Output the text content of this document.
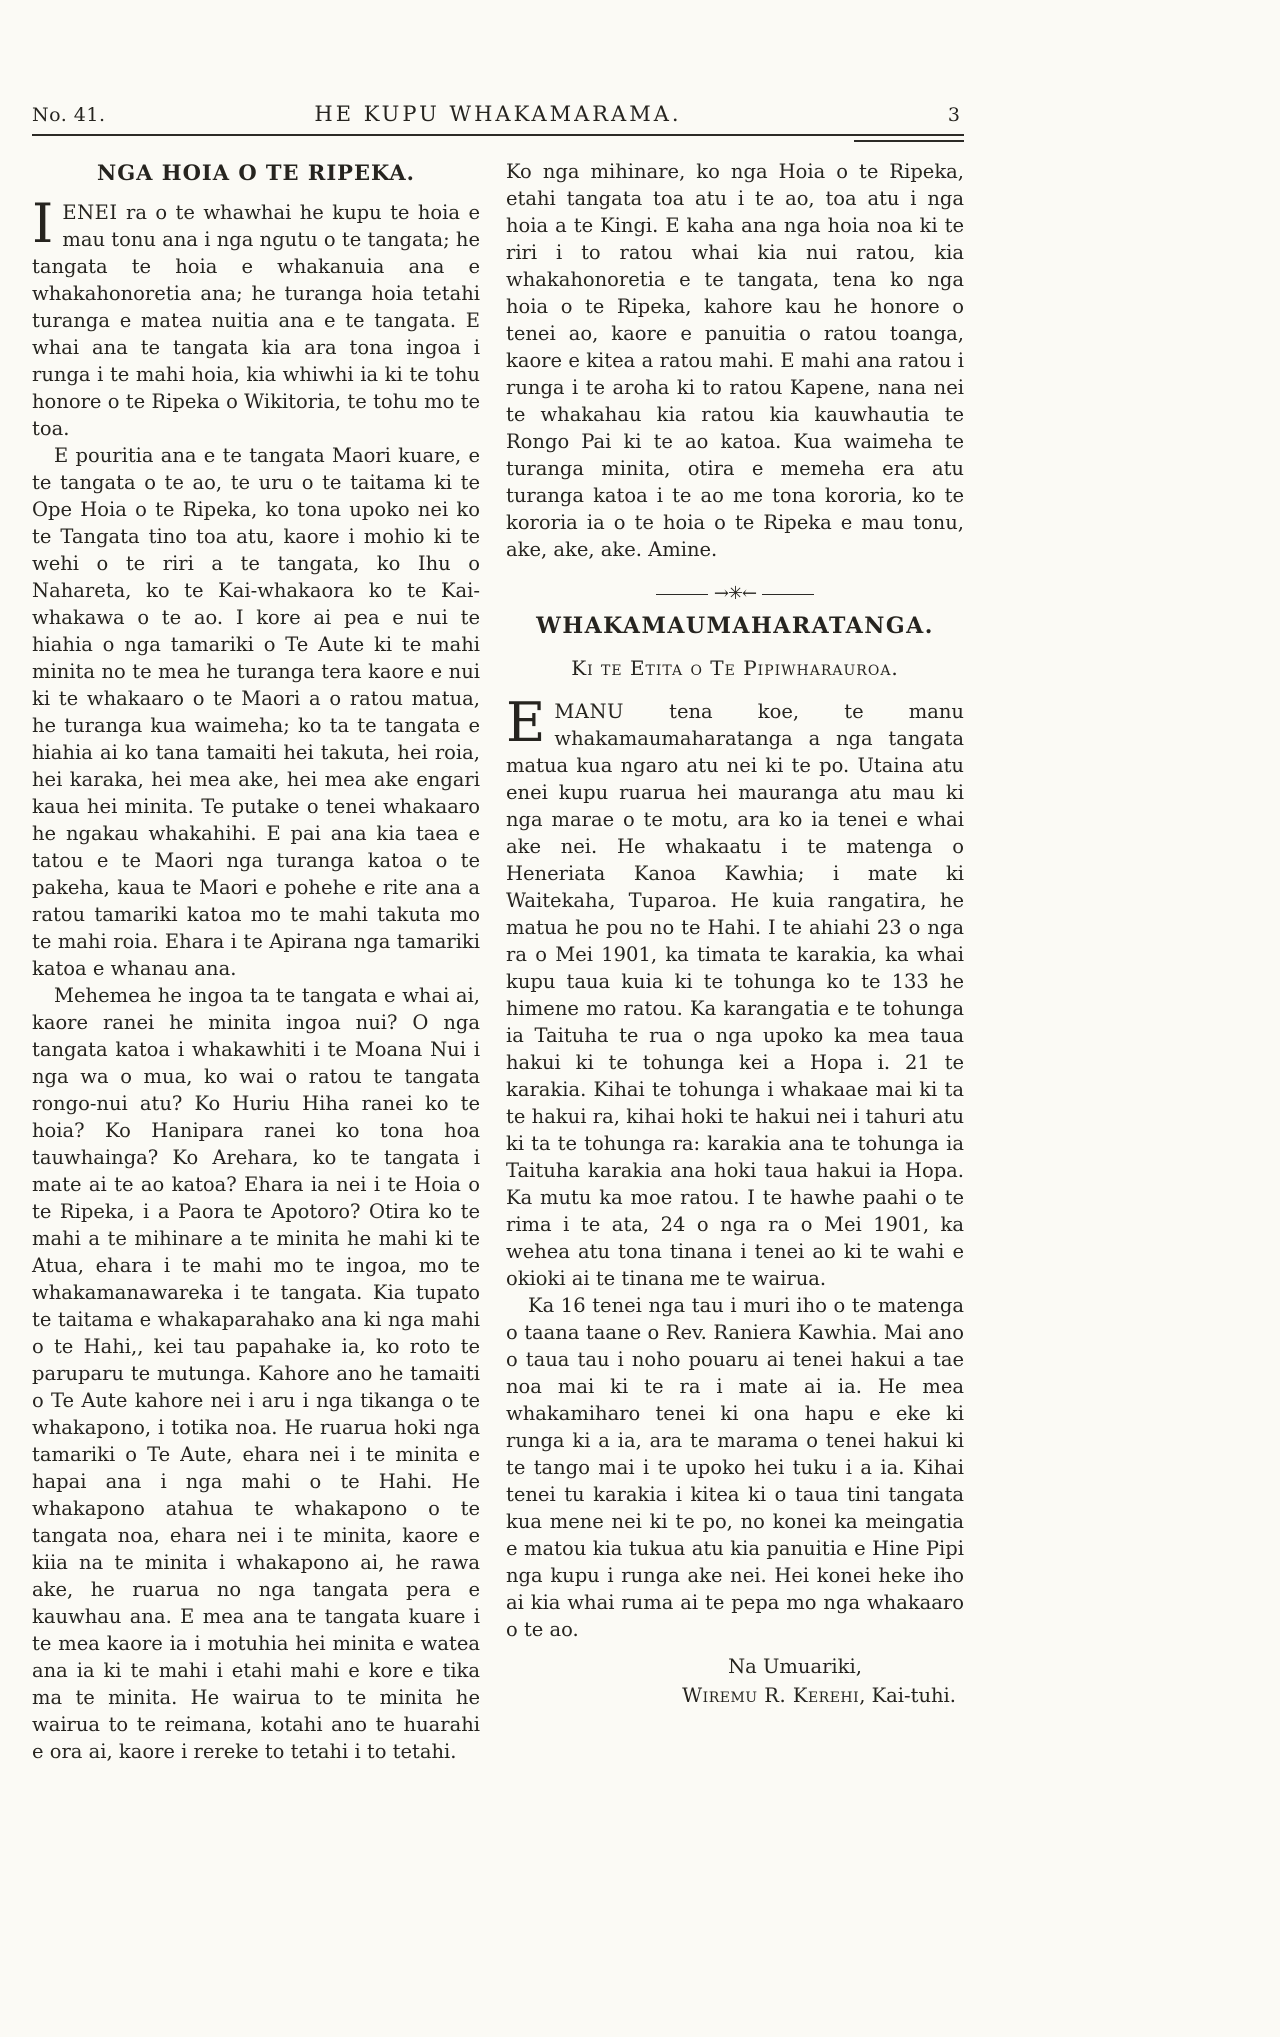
No. 41.	HE KUPU WHAKAMARAMA.	3
NGA HOIA O TE RIPEKA.

IENEI ra o te whawhai he kupu te hoia e mau tonu ana i nga ngutu o te tangata; he tangata te hoia e whakanuia ana e whakahonoretia ana; he turanga hoia tetahi turanga e matea nuitia ana e te tangata. E whai ana te tangata kia ara tona ingoa i runga i te mahi hoia, kia whiwhi ia ki te tohu honore o te Ripeka o Wikitoria, te tohu mo te toa.

E pouritia ana e te tangata Maori kuare, e te tangata o te ao, te uru o te taitama ki te Ope Hoia o te Ripeka, ko tona upoko nei ko te Tangata tino toa atu, kaore i mohio ki te wehi o te riri a te tangata, ko Ihu o Nahareta, ko te Kai-whakaora ko te Kai-whakawa o te ao. I kore ai pea e nui te hiahia o nga tamariki o Te Aute ki te mahi minita no te mea he turanga tera kaore e nui ki te whakaaro o te Maori a o ratou matua, he turanga kua waimeha; ko ta te tangata e hiahia ai ko tana tamaiti hei takuta, hei roia, hei karaka, hei mea ake, hei mea ake engari kaua hei minita. Te putake o tenei whakaaro he ngakau whakahihi. E pai ana kia taea e tatou e te Maori nga turanga katoa o te pakeha, kaua te Maori e pohehe e rite ana a ratou tamariki katoa mo te mahi takuta mo te mahi roia. Ehara i te Apirana nga tamariki katoa e whanau ana.

Mehemea he ingoa ta te tangata e whai ai, kaore ranei he minita ingoa nui? O nga tangata katoa i whakawhiti i te Moana Nui i nga wa o mua, ko wai o ratou te tangata rongo-nui atu? Ko Huriu Hiha ranei ko te hoia? Ko Hanipara ranei ko tona hoa tauwhainga? Ko Arehara, ko te tangata i mate ai te ao katoa? Ehara ia nei i te Hoia o te Ripeka, i a Paora te Apotoro? Otira ko te mahi a te mihinare a te minita he mahi ki te Atua, ehara i te mahi mo te ingoa, mo te whakamanawareka i te tangata. Kia tupato te taitama e whakaparahako ana ki nga mahi o te Hahi,, kei tau papahake ia, ko roto te paruparu te mutunga. Kahore ano he tamaiti o Te Aute kahore nei i aru i nga tikanga o te whakapono, i totika noa. He ruarua hoki nga tamariki o Te Aute, ehara nei i te minita e hapai ana i nga mahi o te Hahi. He whakapono atahua te whakapono o te tangata noa, ehara nei i te minita, kaore e kiia na te minita i whakapono ai, he rawa ake, he ruarua no nga tangata pera e kauwhau ana. E mea ana te tangata kuare i te mea kaore ia i motuhia hei minita e watea ana ia ki te mahi i etahi mahi e kore e tika ma te minita. He wairua to te minita he wairua to te reimana, kotahi ano te huarahi e ora ai, kaore i rereke to tetahi i to tetahi.

Ko nga mihinare, ko nga Hoia o te Ripeka, etahi tangata toa atu i te ao, toa atu i nga hoia a te Kingi. E kaha ana nga hoia noa ki te riri i to ratou whai kia nui ratou, kia whakahonoretia e te tangata, tena ko nga hoia o te Ripeka, kahore kau he honore o tenei ao, kaore e panuitia o ratou toanga, kaore e kitea a ratou mahi. E mahi ana ratou i runga i te aroha ki to ratou Kapene, nana nei te whakahau kia ratou kia kauwhautia te Rongo Pai ki te ao katoa. Kua waimeha te turanga minita, otira e memeha era atu turanga katoa i te ao me tona kororia, ko te kororia ia o te hoia o te Ripeka e mau tonu, ake, ake, ake. Amine.

→✳←
WHAKAMAUMAHARATANGA.

Ki te Etita o Te Pipiwharauroa.

EMANU tena koe, te manu whakamaumaharatanga a nga tangata matua kua ngaro atu nei ki te po. Utaina atu enei kupu ruarua hei mauranga atu mau ki nga marae o te motu, ara ko ia tenei e whai ake nei. He whakaatu i te matenga o Heneriata Kanoa Kawhia; i mate ki Waitekaha, Tuparoa. He kuia rangatira, he matua he pou no te Hahi. I te ahiahi 23 o nga ra o Mei 1901, ka timata te karakia, ka whai kupu taua kuia ki te tohunga ko te 133 he himene mo ratou. Ka karangatia e te tohunga ia Taituha te rua o nga upoko ka mea taua hakui ki te tohunga kei a Hopa i. 21 te karakia. Kihai te tohunga i whakaae mai ki ta te hakui ra, kihai hoki te hakui nei i tahuri atu ki ta te tohunga ra: karakia ana te tohunga ia Taituha karakia ana hoki taua hakui ia Hopa. Ka mutu ka moe ratou. I te hawhe paahi o te rima i te ata, 24 o nga ra o Mei 1901, ka wehea atu tona tinana i tenei ao ki te wahi e okioki ai te tinana me te wairua.

Ka 16 tenei nga tau i muri iho o te matenga o taana taane o Rev. Raniera Kawhia. Mai ano o taua tau i noho pouaru ai tenei hakui a tae noa mai ki te ra i mate ai ia. He mea whakamiharo tenei ki ona hapu e eke ki runga ki a ia, ara te marama o tenei hakui ki te tango mai i te upoko hei tuku i a ia. Kihai tenei tu karakia i kitea ki o taua tini tangata kua mene nei ki te po, no konei ka meingatia e matou kia tukua atu kia panuitia e Hine Pipi nga kupu i runga ake nei. Hei konei heke iho ai kia whai ruma ai te pepa mo nga whakaaro o te ao.

Na Umuariki,

Wiremu R. Kerehi, Kai-tuhi.
